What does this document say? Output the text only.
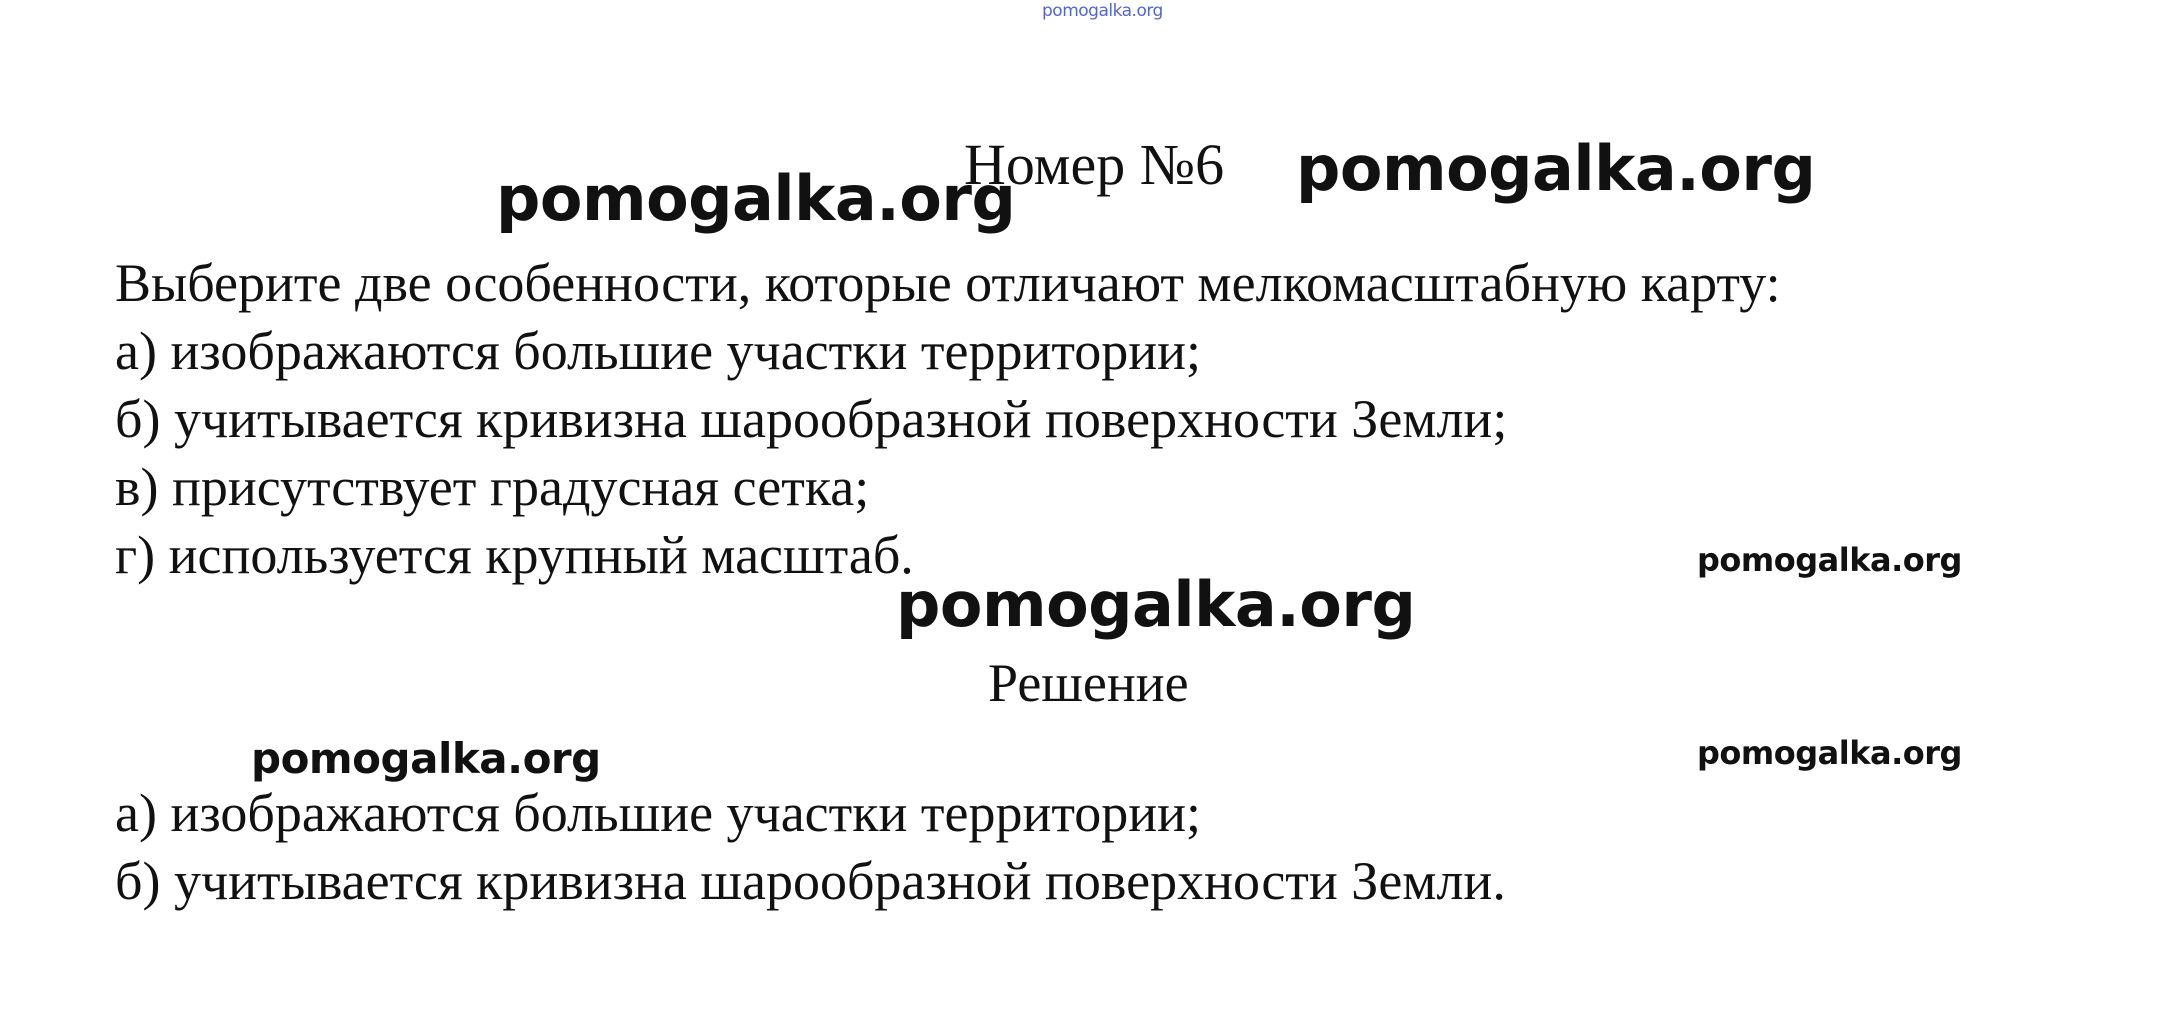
pomogalka.org
pomogalka.org
Номер №6 pomogalka.org
Выберите две особенности, которые отличают мелкомасштабную карту:
а) изображаются большие участки территории;
б) учитывается кривизна шарообразной поверхности Земли;
в) присутствует градусная сетка;
г) используется крупный масштаб.	pomogalka.org
pomogalka.org
Решение
pomogalka.org
pomogalka.org
а) изображаются большие участки территории;
б) учитывается кривизна шарообразной поверхности Земли.
